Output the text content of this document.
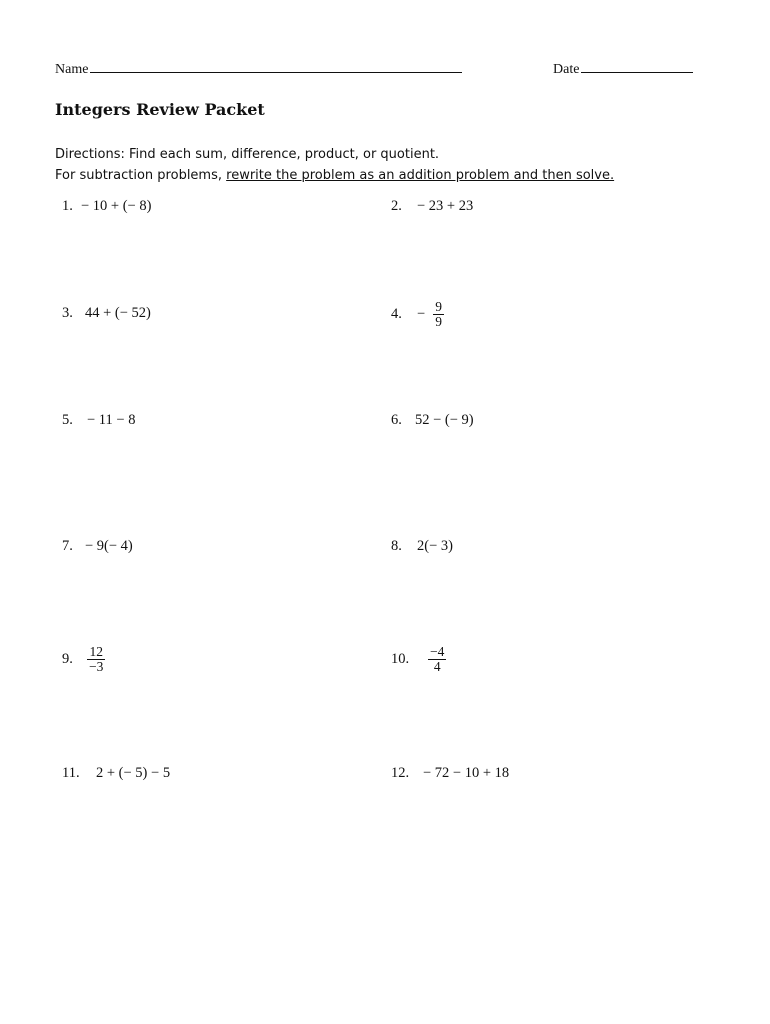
Name	Date
Integers Review Packet
Directions: Find each sum, difference, product, or quotient.
For subtraction problems, rewrite the problem as an addition problem and then solve.
1. − 10 + (− 8)	2.	− 23 + 23
3. 44 + (− 52)	4.	− $\frac{9}{9}$
5. − 11 − 8	6. 52 − (− 9)
7. − 9(− 4)	8.	2(− 3)
9.	$\frac{12}{-3}$	10.	$\frac{-4}{4}$
11.	2 + (− 5) − 5	12. − 72 − 10 + 18
